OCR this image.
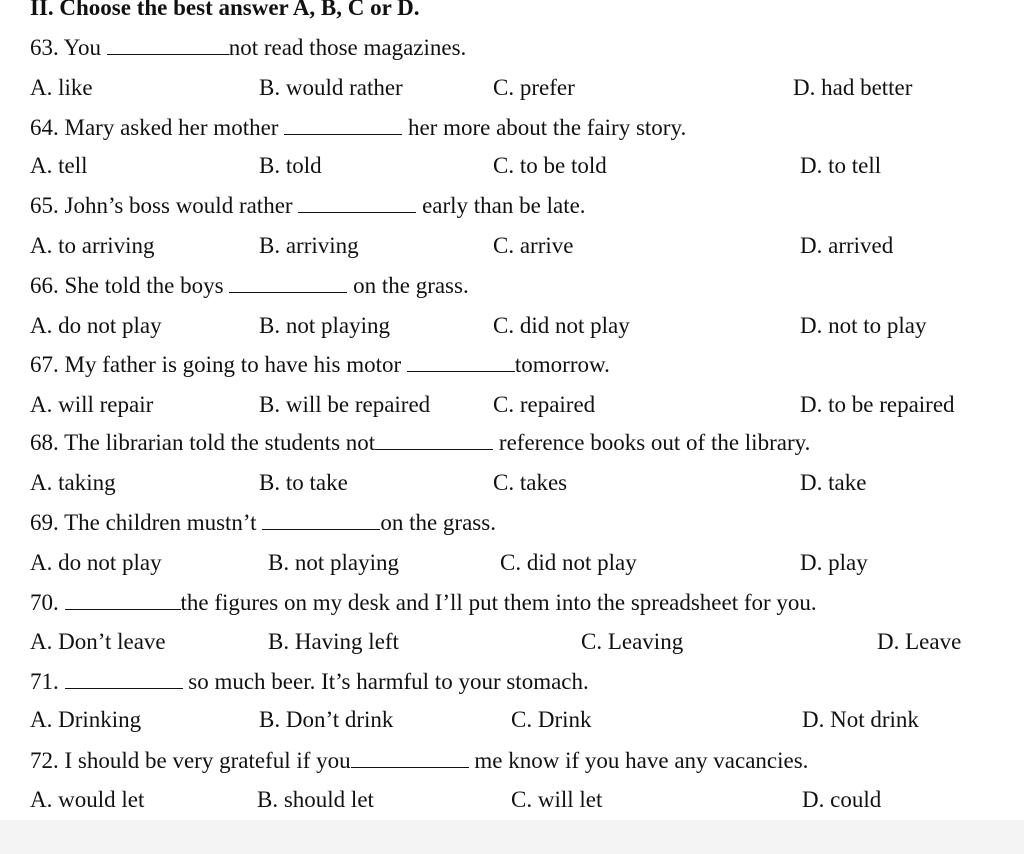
II. Choose the best answer A, B, C or D.
63. You	not read those magazines.
A. like	B. would rather	C. prefer	D. had better
64. Mary asked her mother	her more about the fairy story.
A. tell	B. told	C. to be told	D. to tell
65. John’s boss would rather	early than be late.
A. to arriving	B. arriving	C. arrive	D. arrived
66. She told the boys	on the grass.
A. do not play	B. not playing	C. did not play	D. not to play
67. My father is going to have his motor	tomorrow.
A. will repair	B. will be repaired	C. repaired	D. to be repaired
68. The librarian told the students not	reference books out of the library.
A. taking	B. to take	C. takes	D. take
69. The children mustn’t	on the grass.
A. do not play	B. not playing	C. did not play	D. play
70.	the figures on my desk and I’ll put them into the spreadsheet for you.
A. Don’t leave	B. Having left	C. Leaving	D. Leave
71.	so much beer. It’s harmful to your stomach.
A. Drinking	B. Don’t drink	C. Drink	D. Not drink
72. I should be very grateful if you	me know if you have any vacancies.
A. would let	B. should let	C. will let	D. could
